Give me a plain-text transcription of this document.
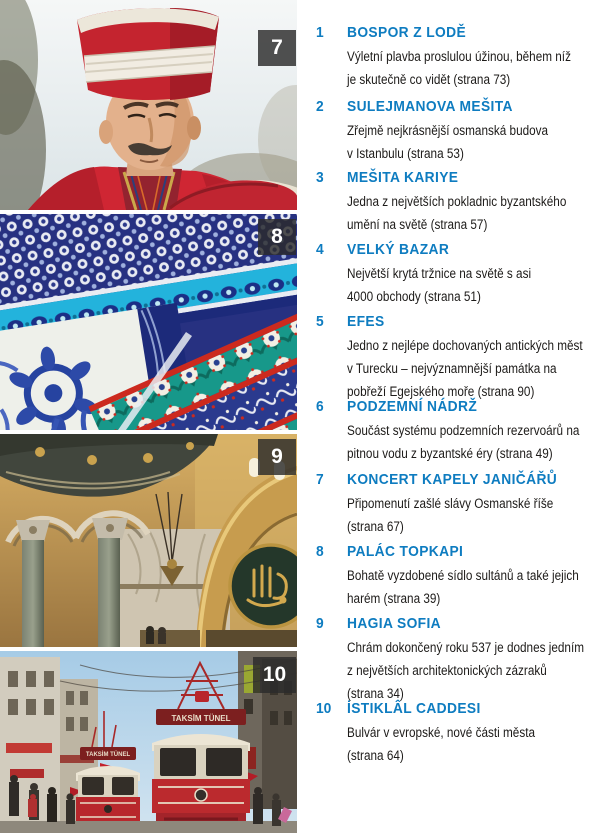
7
8
9
TAKSİM TÜNEL
TAKSİM TÜNEL
10
1	BOSPOR Z LODĚ
Výletní plavba proslulou úžinou, během níž
je skutečně co vidět (strana 73)
2	SULEJMANOVA MEŠITA
Zřejmě nejkrásnější osmanská budova
v Istanbulu (strana 53)
3	MEŠITA KARIYE
Jedna z největších pokladnic byzantského
umění na světě (strana 57)
4	VELKÝ BAZAR
Největší krytá tržnice na světě s asi
4000 obchody (strana 51)
5	EFES
Jedno z nejlépe dochovaných antických měst
v Turecku – nejvýznamnější památka na
pobřeží Egejského moře (strana 90)
6	PODZEMNÍ NÁDRŽ
Součást systému podzemních rezervoárů na
pitnou vodu z byzantské éry (strana 49)
7	KONCERT KAPELY JANIČÁŘŮ
Připomenutí zašlé slávy Osmanské říše
(strana 67)
8	PALÁC TOPKAPI
Bohatě vyzdobené sídlo sultánů a také jejich
harém (strana 39)
9	HAGIA SOFIA
Chrám dokončený roku 537 je dodnes jedním
z největších architektonických zázraků
(strana 34)
10	İSTIKLÂL CADDESI
Bulvár v evropské, nové části města
(strana 64)
